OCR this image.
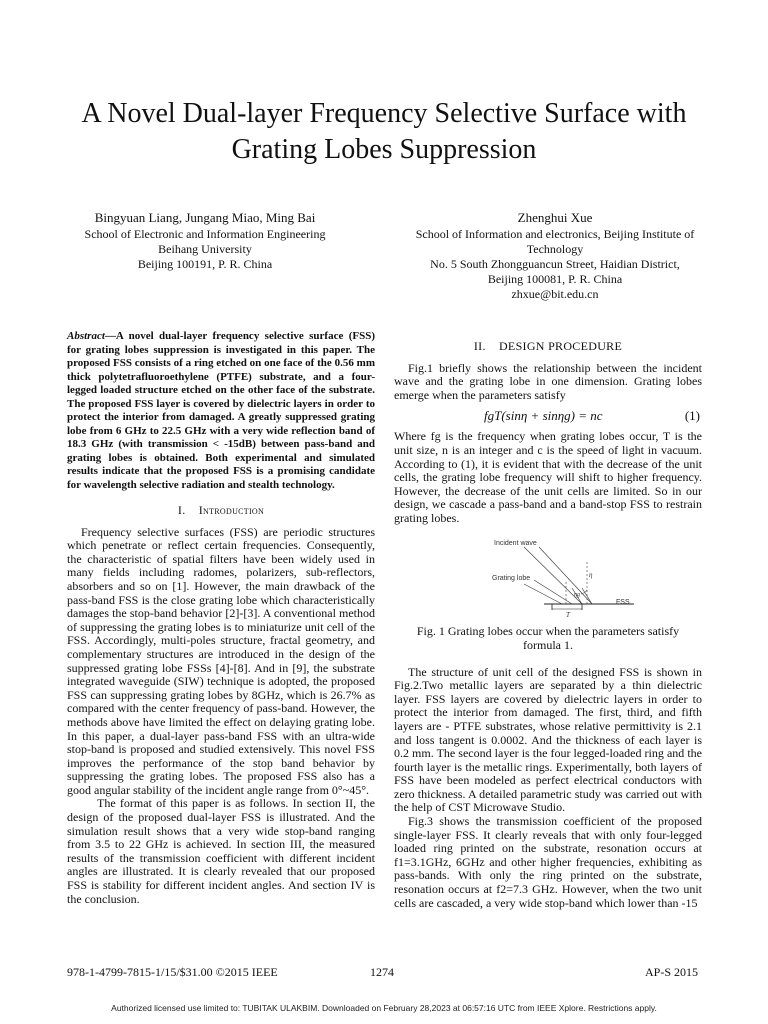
A Novel Dual-layer Frequency Selective Surface with
Grating Lobes Suppression
Bingyuan Liang, Jungang Miao, Ming Bai
School of Electronic and Information Engineering
Beihang University
Beijing 100191, P. R. China
Zhenghui Xue
School of Information and electronics, Beijing Institute of
Technology
No. 5 South Zhongguancun Street, Haidian District,
Beijing 100081, P. R. China
zhxue@bit.edu.cn
Abstract—A novel dual-layer frequency selective surface (FSS) for grating lobes suppression is investigated in this paper. The proposed FSS consists of a ring etched on one face of the 0.56 mm thick polytetrafluoroethylene (PTFE) substrate, and a four-legged loaded structure etched on the other face of the substrate. The proposed FSS layer is covered by dielectric layers in order to protect the interior from damaged. A greatly suppressed grating lobe from 6 GHz to 22.5 GHz with a very wide reflection band of 18.3 GHz (with transmission < -15dB) between pass-band and grating lobes is obtained. Both experimental and simulated results indicate that the proposed FSS is a promising candidate for wavelength selective radiation and stealth technology.
I. Introduction

Frequency selective surfaces (FSS) are periodic structures which penetrate or reflect certain frequencies. Consequently, the characteristic of spatial filters have been widely used in many fields including radomes, polarizers, sub-reflectors, absorbers and so on [1]. However, the main drawback of the pass-band FSS is the close grating lobe which characteristically damages the stop-band behavior [2]-[3]. A conventional method of suppressing the grating lobes is to miniaturize unit cell of the FSS. Accordingly, multi-poles structure, fractal geometry, and complementary structures are introduced in the design of the suppressed grating lobe FSSs [4]-[8]. And in [9], the substrate integrated waveguide (SIW) technique is adopted, the proposed FSS can suppressing grating lobes by 8GHz, which is 26.7% as compared with the center frequency of pass-band. However, the methods above have limited the effect on delaying grating lobe. In this paper, a dual-layer pass-band FSS with an ultra-wide stop-band is proposed and studied extensively. This novel FSS improves the performance of the stop band behavior by suppressing the grating lobes. The proposed FSS also has a good angular stability of the incident angle range from 0°~45°.

The format of this paper is as follows. In section II, the design of the proposed dual-layer FSS is illustrated. And the simulation result shows that a very wide stop-band ranging from 3.5 to 22 GHz is achieved. In section III, the measured results of the transmission coefficient with different incident angles are illustrated. It is clearly revealed that our proposed FSS is stability for different incident angles. And section IV is the conclusion.

II. DESIGN PROCEDURE

Fig.1 briefly shows the relationship between the incident wave and the grating lobe in one dimension. Grating lobes emerge when the parameters satisfy

fgT(sinη + sinηg) = nc	(1)

Where fg is the frequency when grating lobes occur, T is the unit size, n is an integer and c is the speed of light in vacuum. According to (1), it is evident that with the decrease of the unit cells, the grating lobe frequency will shift to higher frequency. However, the decrease of the unit cells are limited. So in our design, we cascade a pass-band and a band-stop FSS to restrain grating lobes.

Incident wave
Grating lobe
FSS
T
η
ηg
Fig. 1 Grating lobes occur when the parameters satisfy
formula 1.

The structure of unit cell of the designed FSS is shown in Fig.2.Two metallic layers are separated by a thin dielectric layer. FSS layers are covered by dielectric layers in order to protect the interior from damaged. The first, third, and fifth layers are - PTFE substrates, whose relative permittivity is 2.1 and loss tangent is 0.0002. And the thickness of each layer is 0.2 mm. The second layer is the four legged-loaded ring and the fourth layer is the metallic rings. Experimentally, both layers of FSS have been modeled as perfect electrical conductors with zero thickness. A detailed parametric study was carried out with the help of CST Microwave Studio.

Fig.3 shows the transmission coefficient of the proposed single-layer FSS. It clearly reveals that with only four-legged loaded ring printed on the substrate, resonation occurs at f1=3.1GHz, 6GHz and other higher frequencies, exhibiting as pass-bands. With only the ring printed on the substrate, resonation occurs at f2=7.3 GHz. However, when the two unit cells are cascaded, a very wide stop-band which lower than -15

978-1-4799-7815-1/15/$31.00 ©2015 IEEE	1274	AP-S 2015
Authorized licensed use limited to: TUBITAK ULAKBIM. Downloaded on February 28,2023 at 06:57:16 UTC from IEEE Xplore. Restrictions apply.
